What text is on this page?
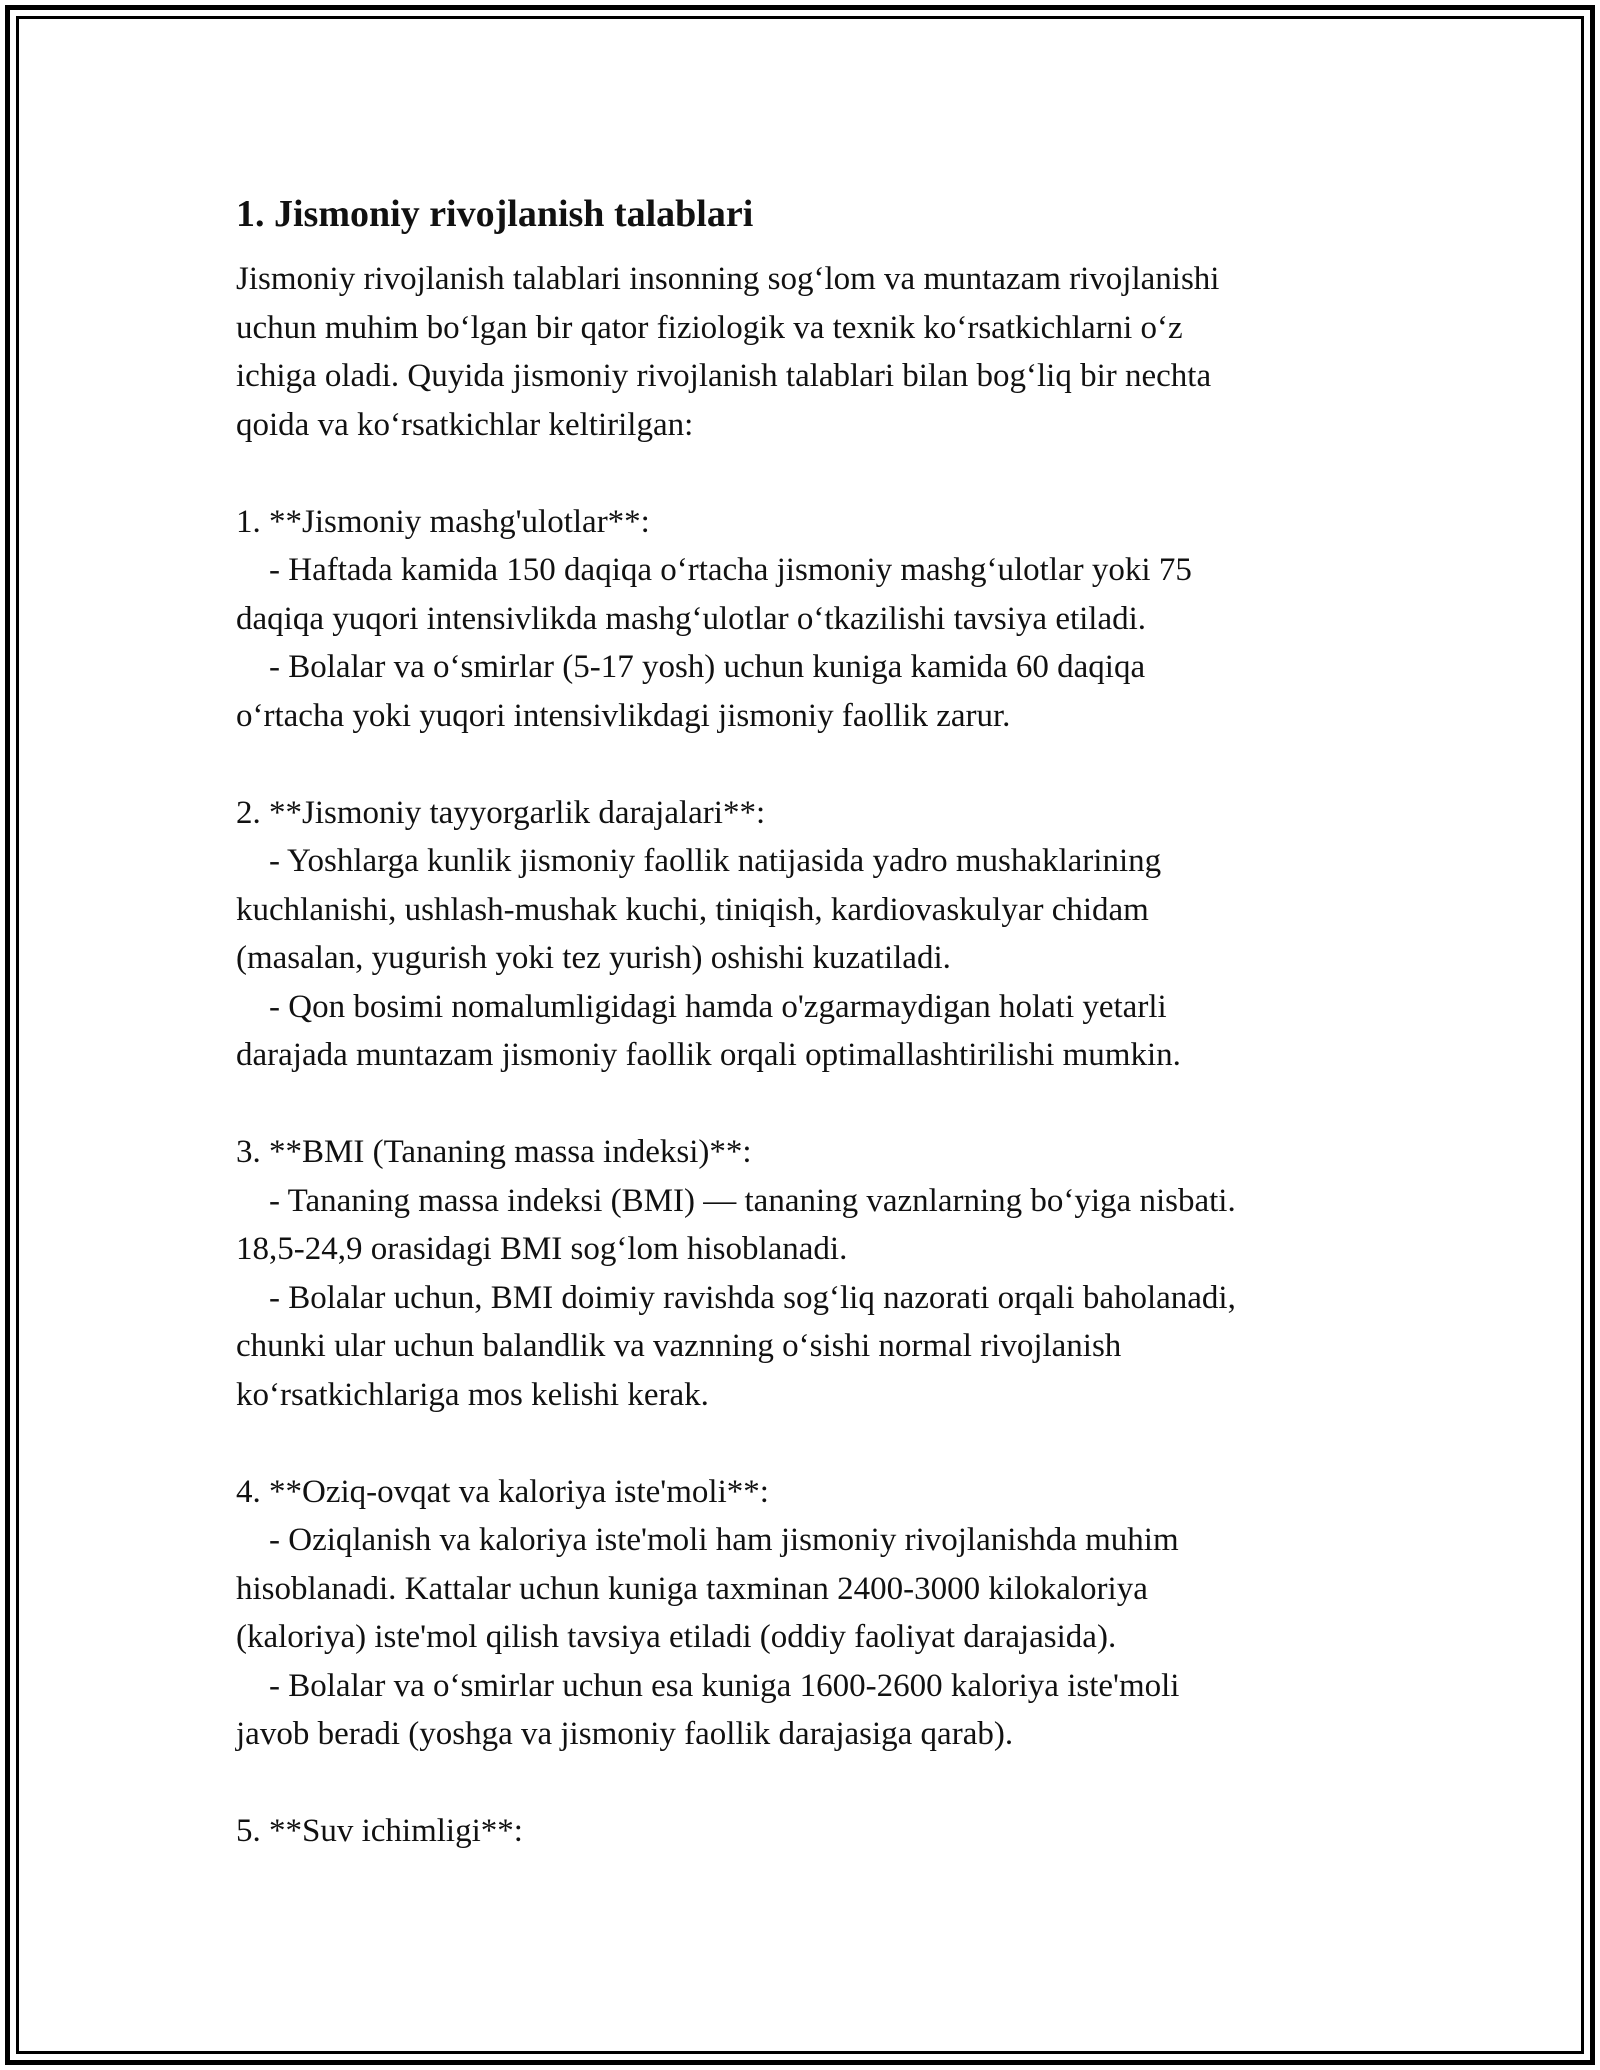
1. Jismoniy rivojlanish talablari
Jismoniy rivojlanish talablari insonning sog‘lom va muntazam rivojlanishi
uchun muhim bo‘lgan bir qator fiziologik va texnik ko‘rsatkichlarni o‘z
ichiga oladi. Quyida jismoniy rivojlanish talablari bilan bog‘liq bir nechta
qoida va ko‘rsatkichlar keltirilgan:
1. **Jismoniy mashg'ulotlar**:
- Haftada kamida 150 daqiqa o‘rtacha jismoniy mashg‘ulotlar yoki 75
daqiqa yuqori intensivlikda mashg‘ulotlar o‘tkazilishi tavsiya etiladi.
- Bolalar va o‘smirlar (5-17 yosh) uchun kuniga kamida 60 daqiqa
o‘rtacha yoki yuqori intensivlikdagi jismoniy faollik zarur.
2. **Jismoniy tayyorgarlik darajalari**:
- Yoshlarga kunlik jismoniy faollik natijasida yadro mushaklarining
kuchlanishi, ushlash-mushak kuchi, tiniqish, kardiovaskulyar chidam
(masalan, yugurish yoki tez yurish) oshishi kuzatiladi.
- Qon bosimi nomalumligidagi hamda o'zgarmaydigan holati yetarli
darajada muntazam jismoniy faollik orqali optimallashtirilishi mumkin.
3. **BMI (Tananing massa indeksi)**:
- Tananing massa indeksi (BMI) — tananing vaznlarning bo‘yiga nisbati.
18,5-24,9 orasidagi BMI sog‘lom hisoblanadi.
- Bolalar uchun, BMI doimiy ravishda sog‘liq nazorati orqali baholanadi,
chunki ular uchun balandlik va vaznning o‘sishi normal rivojlanish
ko‘rsatkichlariga mos kelishi kerak.
4. **Oziq-ovqat va kaloriya iste'moli**:
- Oziqlanish va kaloriya iste'moli ham jismoniy rivojlanishda muhim
hisoblanadi. Kattalar uchun kuniga taxminan 2400-3000 kilokaloriya
(kaloriya) iste'mol qilish tavsiya etiladi (oddiy faoliyat darajasida).
- Bolalar va o‘smirlar uchun esa kuniga 1600-2600 kaloriya iste'moli
javob beradi (yoshga va jismoniy faollik darajasiga qarab).
5. **Suv ichimligi**:
